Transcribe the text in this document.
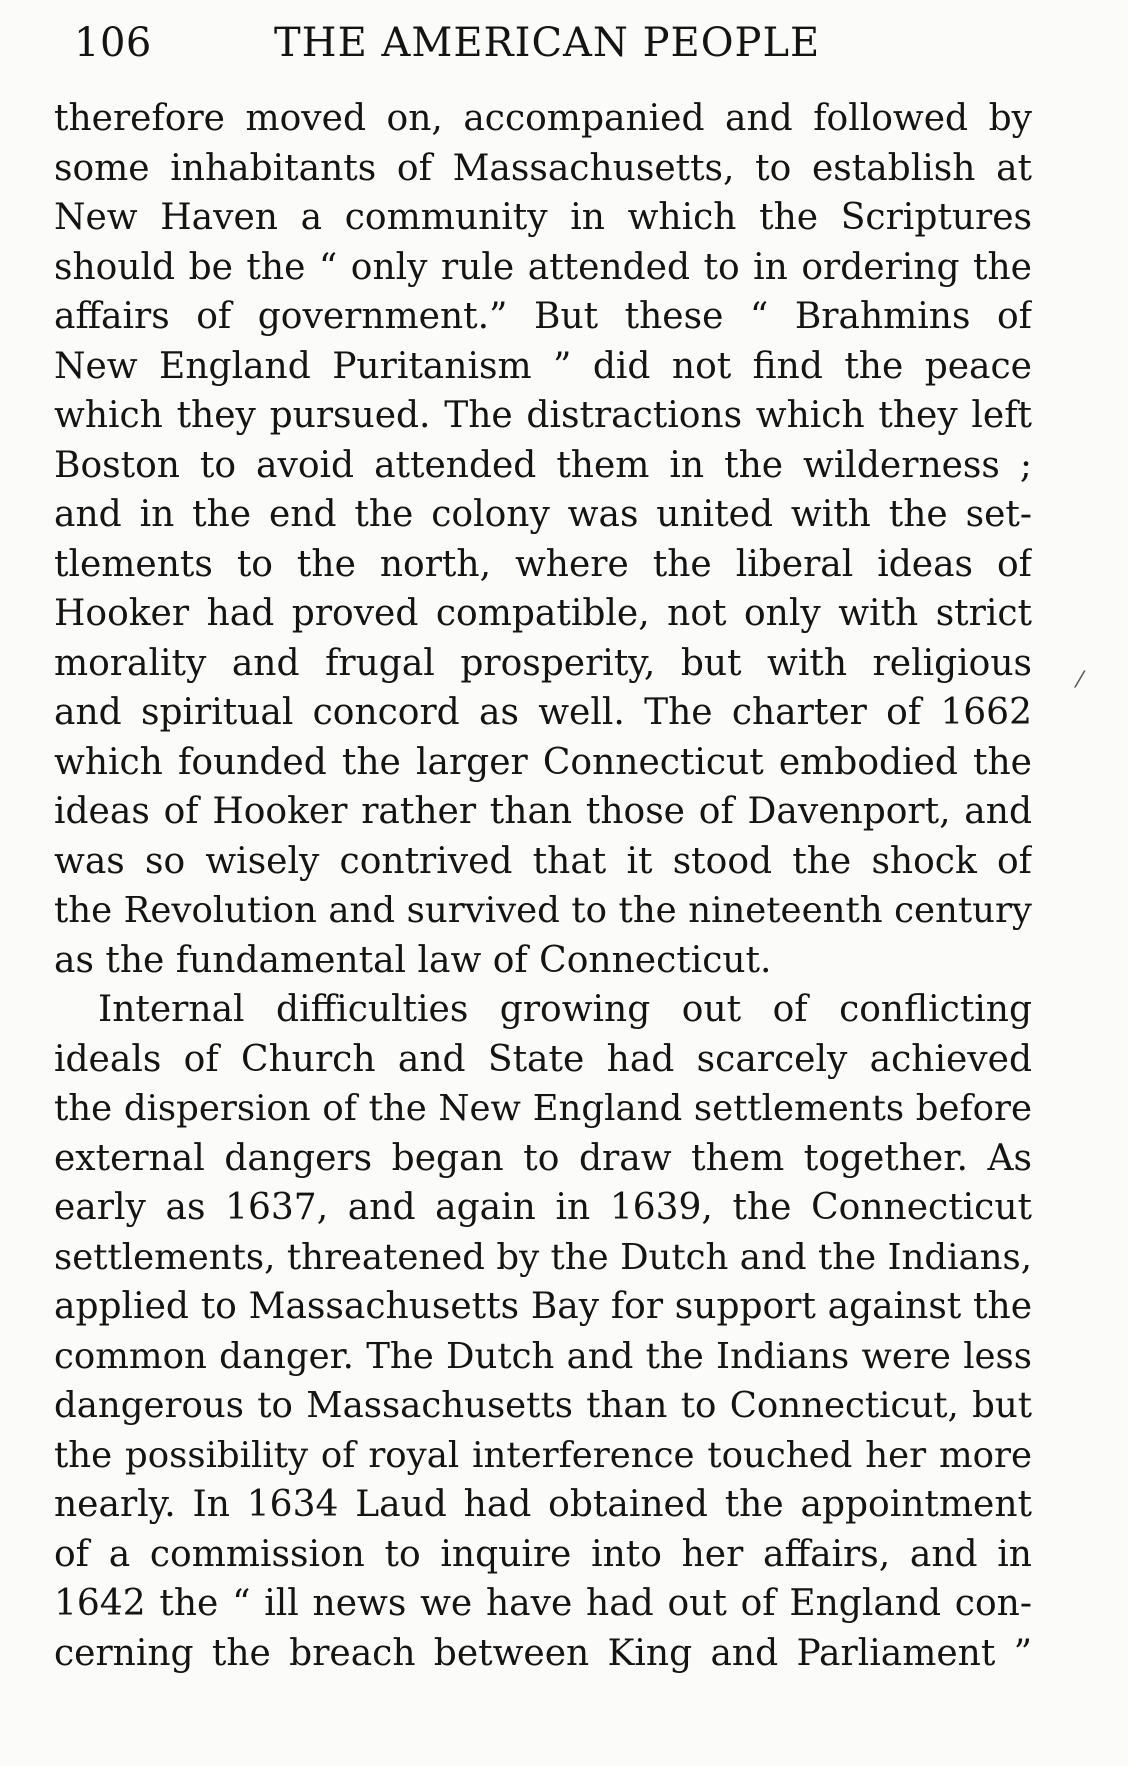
106	THE AMERICAN PEOPLE
therefore moved on, accompanied and followed by
some inhabitants of Massachusetts, to establish at
New Haven a community in which the Scriptures
should be the “ only rule attended to in ordering the
affairs of government.” But these “ Brahmins of
New England Puritanism ” did not find the peace
which they pursued. The distractions which they left
Boston to avoid attended them in the wilderness ;
and in the end the colony was united with the set-
tlements to the north, where the liberal ideas of
Hooker had proved compatible, not only with strict
morality and frugal prosperity, but with religious
and spiritual concord as well. The charter of 1662
which founded the larger Connecticut embodied the
ideas of Hooker rather than those of Davenport, and
was so wisely contrived that it stood the shock of
the Revolution and survived to the nineteenth century
as the fundamental law of Connecticut.
Internal difficulties growing out of conflicting
ideals of Church and State had scarcely achieved
the dispersion of the New England settlements before
external dangers began to draw them together. As
early as 1637, and again in 1639, the Connecticut
settlements, threatened by the Dutch and the Indians,
applied to Massachusetts Bay for support against the
common danger. The Dutch and the Indians were less
dangerous to Massachusetts than to Connecticut, but
the possibility of royal interference touched her more
nearly. In 1634 Laud had obtained the appointment
of a commission to inquire into her affairs, and in
1642 the “ ill news we have had out of England con-
cerning the breach between King and Parliament ”
⁄
